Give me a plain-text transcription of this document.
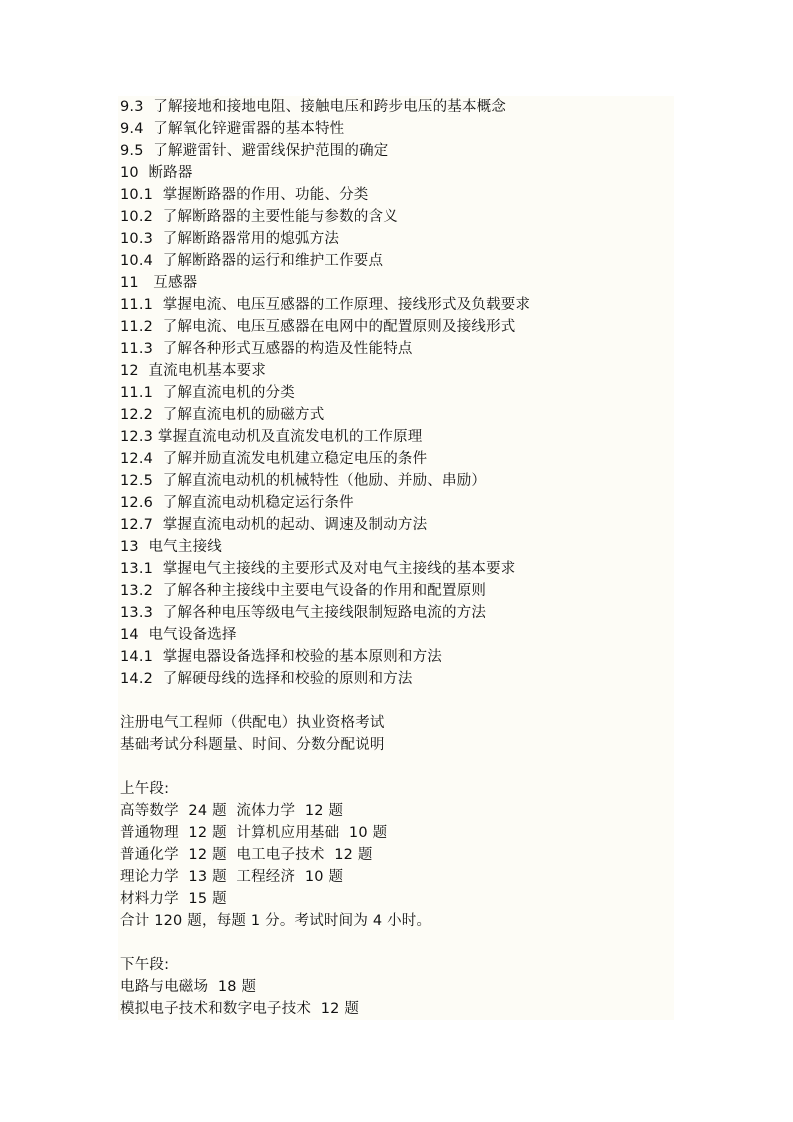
9.3  了解接地和接地电阻、接触电压和跨步电压的基本概念
9.4  了解氧化锌避雷器的基本特性
9.5  了解避雷针、避雷线保护范围的确定
10  断路器
10.1  掌握断路器的作用、功能、分类
10.2  了解断路器的主要性能与参数的含义
10.3  了解断路器常用的熄弧方法
10.4  了解断路器的运行和维护工作要点
11   互感器
11.1  掌握电流、电压互感器的工作原理、接线形式及负载要求
11.2  了解电流、电压互感器在电网中的配置原则及接线形式
11.3  了解各种形式互感器的构造及性能特点
12  直流电机基本要求
11.1  了解直流电机的分类
12.2  了解直流电机的励磁方式
12.3 掌握直流电动机及直流发电机的工作原理
12.4  了解并励直流发电机建立稳定电压的条件
12.5  了解直流电动机的机械特性（他励、并励、串励）
12.6  了解直流电动机稳定运行条件
12.7  掌握直流电动机的起动、调速及制动方法
13  电气主接线
13.1  掌握电气主接线的主要形式及对电气主接线的基本要求
13.2  了解各种主接线中主要电气设备的作用和配置原则
13.3  了解各种电压等级电气主接线限制短路电流的方法
14  电气设备选择
14.1  掌握电器设备选择和校验的基本原则和方法
14.2  了解硬母线的选择和校验的原则和方法
注册电气工程师（供配电）执业资格考试
基础考试分科题量、时间、分数分配说明
上午段:
高等数学  24 题  流体力学  12 题
普通物理  12 题  计算机应用基础  10 题
普通化学  12 题  电工电子技术  12 题
理论力学  13 题  工程经济  10 题
材料力学  15 题
合计 120 题，每题 1 分。考试时间为 4 小时。
下午段:
电路与电磁场  18 题
模拟电子技术和数字电子技术  12 题
